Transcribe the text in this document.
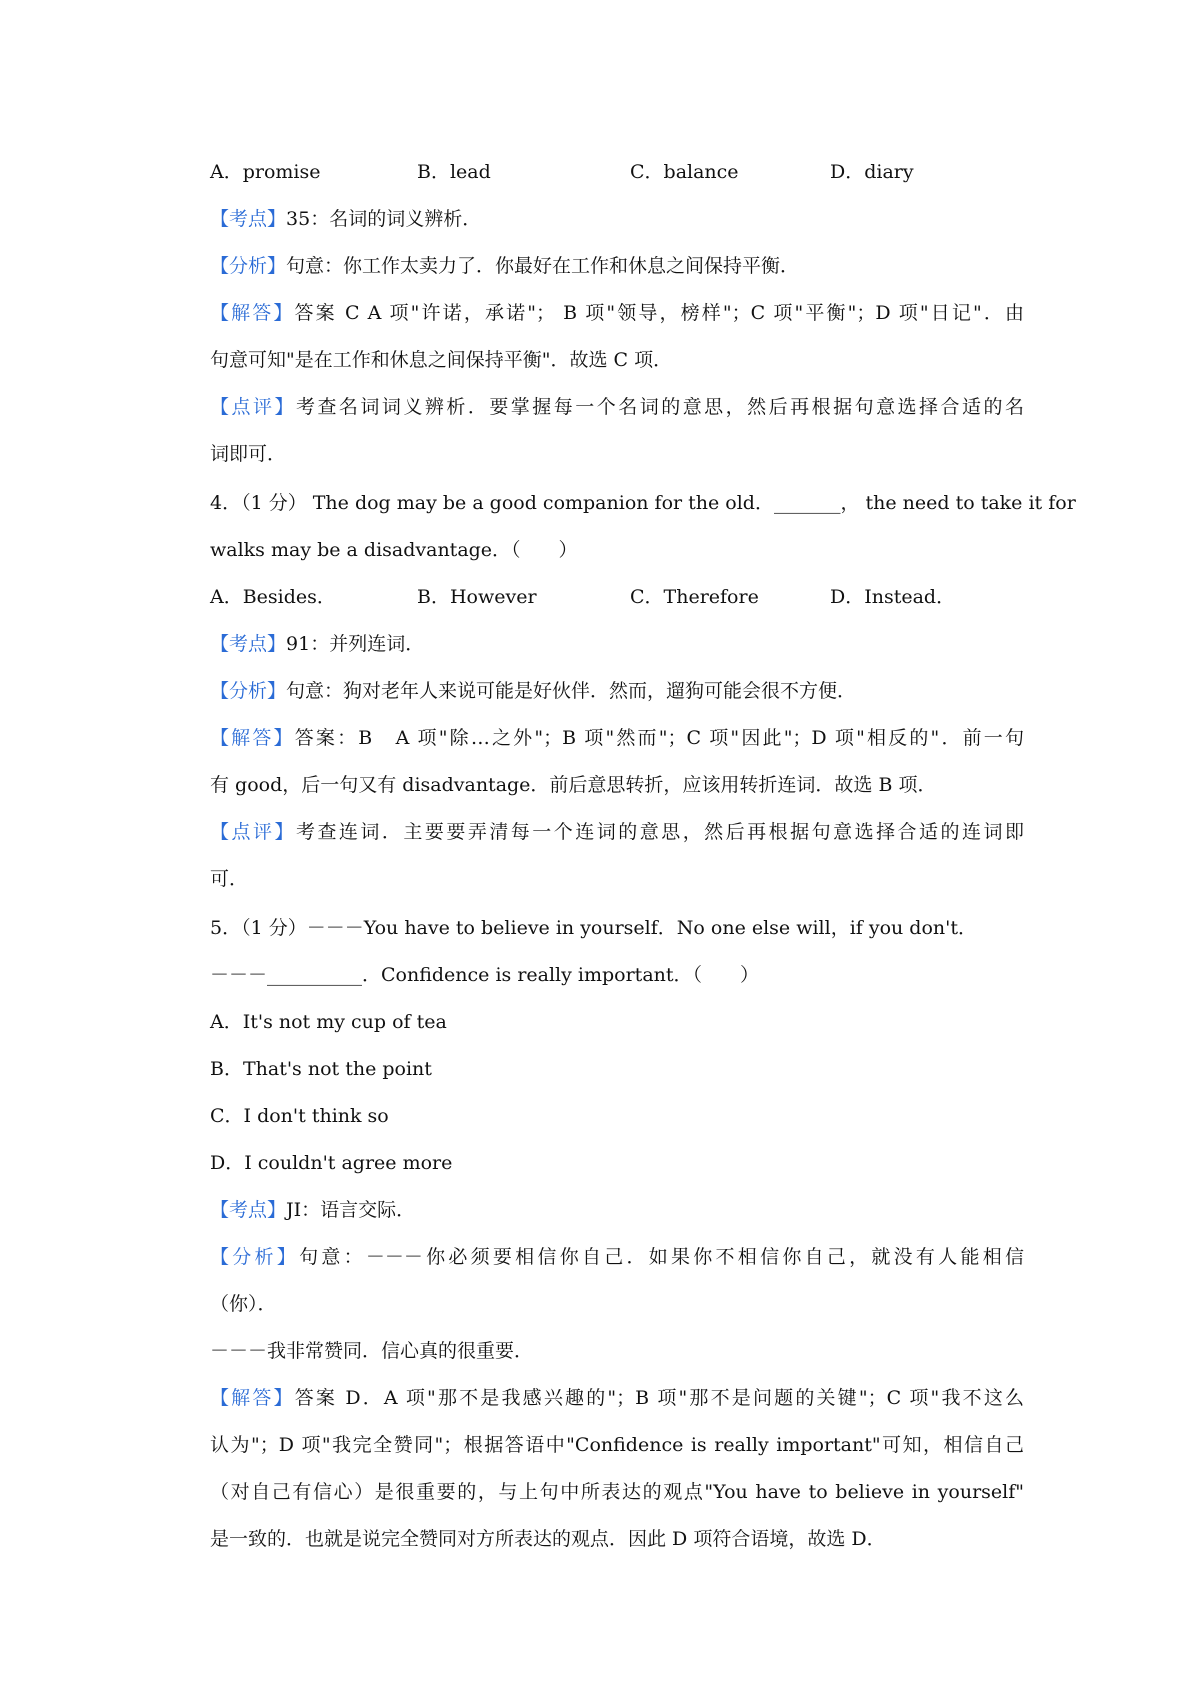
A．promise	B．lead	C．balance	D．diary
【考点】35：名词的词义辨析．
【分析】句意：你工作太卖力了．你最好在工作和休息之间保持平衡．
【解答】答案 C A 项"许诺，承诺"； B 项"领导，榜样"；C 项"平衡"；D 项"日记"．由
句意可知"是在工作和休息之间保持平衡"．故选 C 项．
【点评】考查名词词义辨析．要掌握每一个名词的意思，然后再根据句意选择合适的名
词即可．
4．（1 分） The dog may be a good companion for the old．_______， the need to take it for
walks may be a disadvantage．（　　）
A．Besides．	B．However	C．Therefore	D．Instead．
【考点】91：并列连词．
【分析】句意：狗对老年人来说可能是好伙伴．然而，遛狗可能会很不方便．
【解答】答案：B　A 项"除…之外"；B 项"然而"；C 项"因此"；D 项"相反的"．前一句
有 good，后一句又有 disadvantage．前后意思转折，应该用转折连词．故选 B 项．
【点评】考查连词．主要要弄清每一个连词的意思，然后再根据句意选择合适的连词即
可．
5．（1 分）－－－You have to believe in yourself．No one else will，if you don't．
－－－__________．Confidence is really important．（　　）
A．It's not my cup of tea
B．That's not the point
C．I don't think so
D．I couldn't agree more
【考点】JI：语言交际．
【分析】句意：－－－你必须要相信你自己．如果你不相信你自己，就没有人能相信
（你）．
－－－我非常赞同．信心真的很重要．
【解答】答案 D．A 项"那不是我感兴趣的"；B 项"那不是问题的关键"；C 项"我不这么
认为"；D 项"我完全赞同"；根据答语中"Confidence is really important"可知，相信自己
（对自己有信心）是很重要的，与上句中所表达的观点"You have to believe in yourself"
是一致的．也就是说完全赞同对方所表达的观点．因此 D 项符合语境，故选 D．
